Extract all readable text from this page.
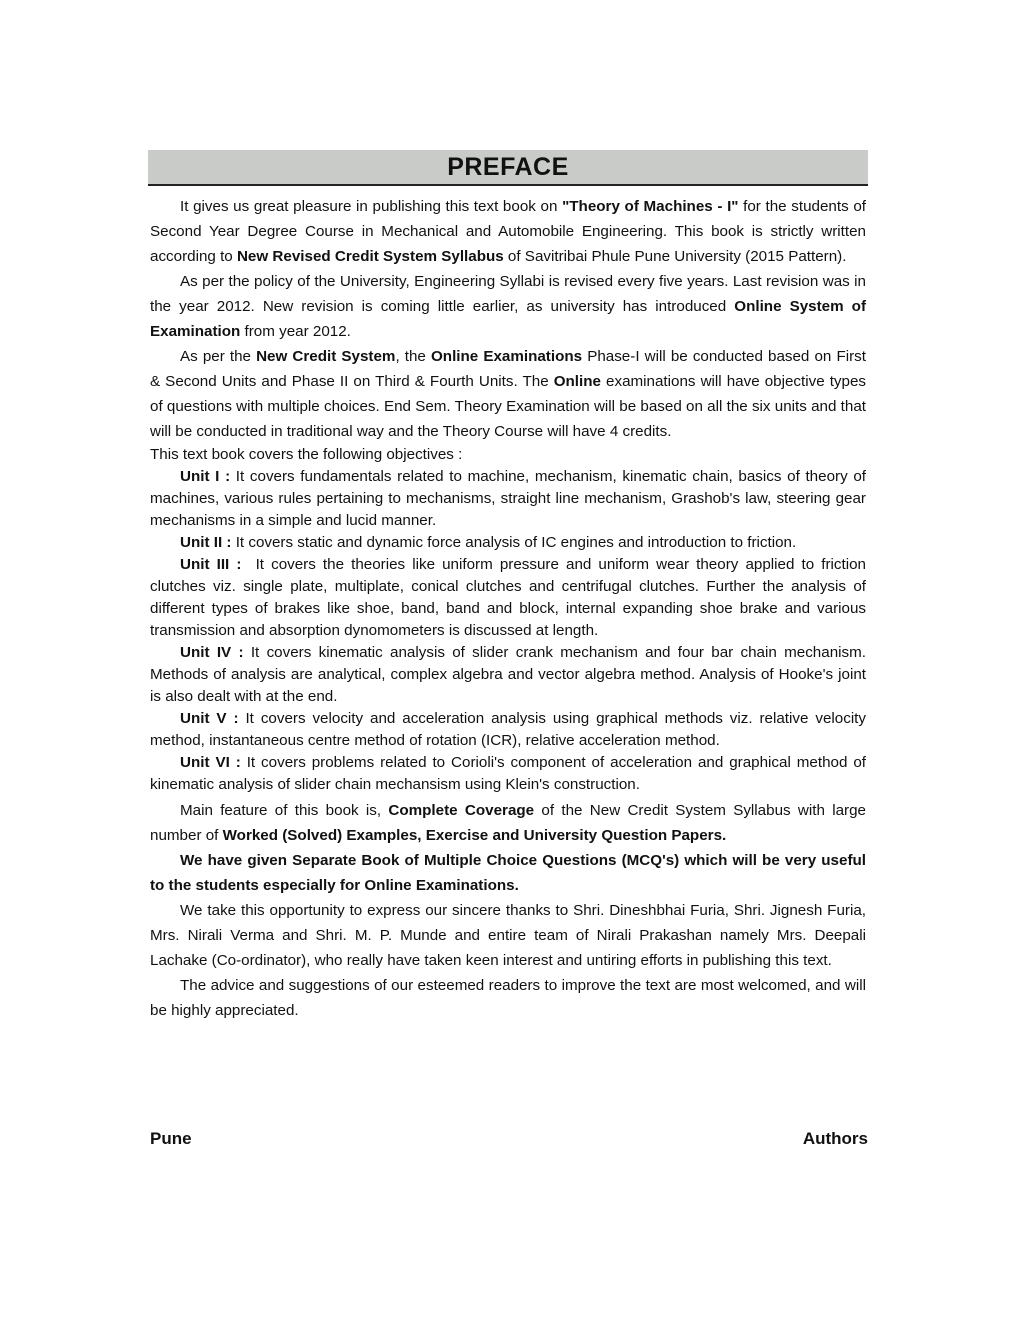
PREFACE

It gives us great pleasure in publishing this text book on "Theory of Machines - I" for the students of Second Year Degree Course in Mechanical and Automobile Engineering. This book is strictly written according to New Revised Credit System Syllabus of Savitribai Phule Pune University (2015 Pattern).

As per the policy of the University, Engineering Syllabi is revised every five years. Last revision was in the year 2012. New revision is coming little earlier, as university has introduced Online System of Examination from year 2012.

As per the New Credit System, the Online Examinations Phase-I will be conducted based on First & Second Units and Phase II on Third & Fourth Units. The Online examinations will have objective types of questions with multiple choices. End Sem. Theory Examination will be based on all the six units and that will be conducted in traditional way and the Theory Course will have 4 credits.

This text book covers the following objectives :

Unit I : It covers fundamentals related to machine, mechanism, kinematic chain, basics of theory of machines, various rules pertaining to mechanisms, straight line mechanism, Grashob's law, steering gear mechanisms in a simple and lucid manner.

Unit II : It covers static and dynamic force analysis of IC engines and introduction to friction.

Unit III :  It covers the theories like uniform pressure and uniform wear theory applied to friction clutches viz. single plate, multiplate, conical clutches and centrifugal clutches. Further the analysis of different types of brakes like shoe, band, band and block, internal expanding shoe brake and various transmission and absorption dynomometers is discussed at length.

Unit IV : It covers kinematic analysis of slider crank mechanism and four bar chain mechanism. Methods of analysis are analytical, complex algebra and vector algebra method. Analysis of Hooke's joint is also dealt with at the end.

Unit V : It covers velocity and acceleration analysis using graphical methods viz. relative velocity method, instantaneous centre method of rotation (ICR), relative acceleration method.

Unit VI : It covers problems related to Corioli's component of acceleration and graphical method of kinematic analysis of slider chain mechansism using Klein's construction.

Main feature of this book is, Complete Coverage of the New Credit System Syllabus with large number of Worked (Solved) Examples, Exercise and University Question Papers.

We have given Separate Book of Multiple Choice Questions (MCQ's) which will be very useful to the students especially for Online Examinations.

We take this opportunity to express our sincere thanks to Shri. Dineshbhai Furia, Shri. Jignesh Furia, Mrs. Nirali Verma and Shri. M. P. Munde and entire team of Nirali Prakashan namely Mrs. Deepali Lachake (Co-ordinator), who really have taken keen interest and untiring efforts in publishing this text.

The advice and suggestions of our esteemed readers to improve the text are most welcomed, and will be highly appreciated.

Pune	Authors
